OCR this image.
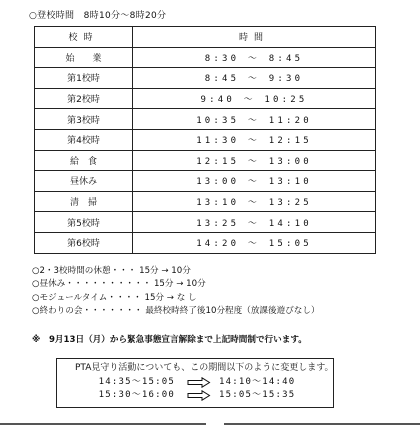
○登校時間　8時10分～8時20分
校時	時間
始　　業	8:30 ～ 8:45
第1校時	8:45 ～ 9:30
第2校時	9:40 ～ 10:25
第3校時	10:35 ～ 11:20
第4校時	11:30 ～ 12:15
給　食	12:15 ～ 13:00
昼休み	13:00 ～ 13:10
清　掃	13:10 ～ 13:25
第5校時	13:25 ～ 14:10
第6校時	14:20 ～ 15:05
○2・3校時間の休憩・・・ 15分 → 10分
○昼休み・・・・・・・・・・ 15分 → 10分
○モジュールタイム・・・・ 15分 → な し
○終わりの会・・・・・・・ 最終校時終了後10分程度（放課後遊びなし）
※　9月13日（月）から緊急事態宣言解除まで上記時間制で行います。
PTA見守り活動についても、この期間以下のように変更します。
14:35～15:05	14:10～14:40
15:30～16:00	15:05～15:35
